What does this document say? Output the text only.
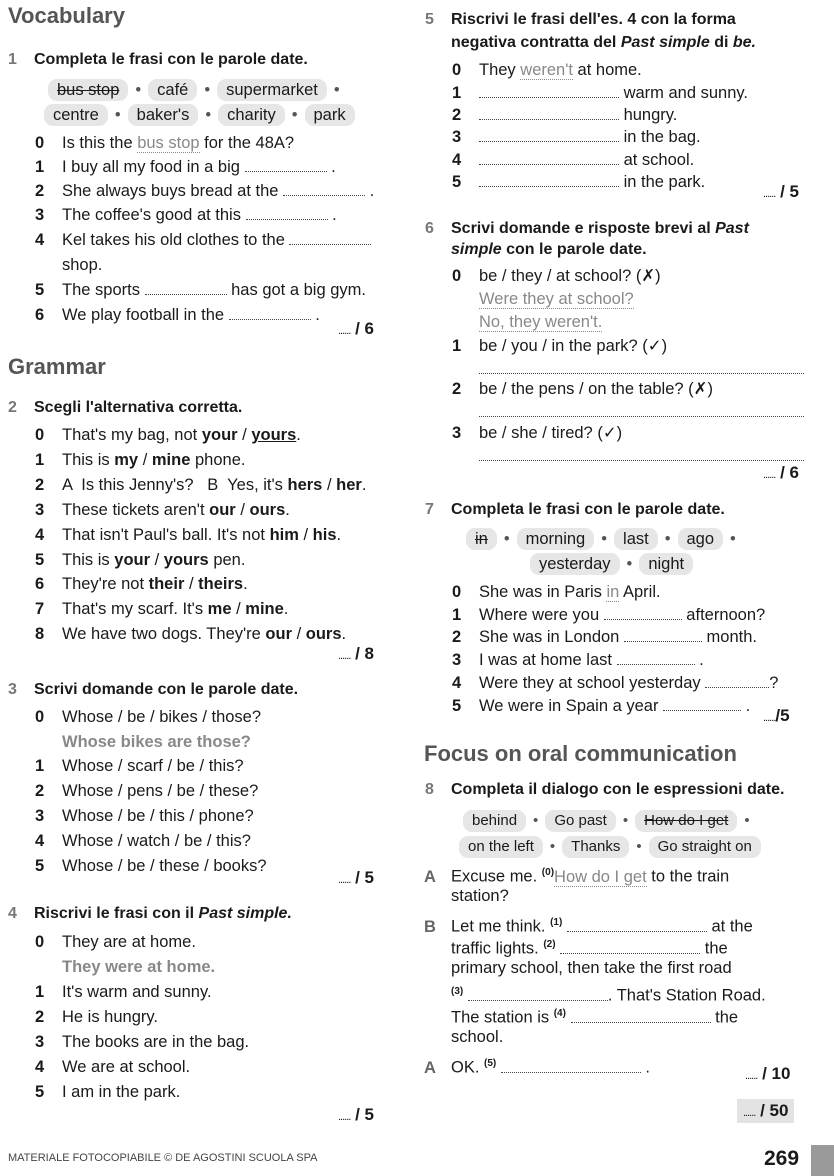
Vocabulary
1 Completa le frasi con le parole date.
bus stop • café • supermarket •
centre • baker's • charity • park
0 Is this the bus stop for the 48A?
1 I buy all my food in a big	.
2 She always buys bread at the	.
3 The coffee's good at this	.
4 Kel takes his old clothes to the
shop.
5 The sports	has got a big gym.
6 We play football in the	.
...... / 6
Grammar
2 Scegli l'alternativa corretta.
0 That's my bag, not your / yours.
1 This is my / mine phone.
2 A  Is this Jenny's?   B  Yes, it's hers / her.
3 These tickets aren't our / ours.
4 That isn't Paul's ball. It's not him / his.
5 This is your / yours pen.
6 They're not their / theirs.
7 That's my scarf. It's me / mine.
8 We have two dogs. They're our / ours.
...... / 8
3 Scrivi domande con le parole date.
0 Whose / be / bikes / those?
Whose bikes are those?
1 Whose / scarf / be / this?
2 Whose / pens / be / these?
3 Whose / be / this / phone?
4 Whose / watch / be / this?
5 Whose / be / these / books?
...... / 5
4 Riscrivi le frasi con il Past simple.
0 They are at home.
They were at home.
1 It's warm and sunny.
2 He is hungry.
3 The books are in the bag.
4 We are at school.
5 I am in the park.
...... / 5
MATERIALE FOTOCOPIABILE © DE AGOSTINI SCUOLA SPA
5 Riscrivi le frasi dell'es. 4 con la forma
negativa contratta del Past simple di be.
0 They weren't at home.
1	warm and sunny.
2	hungry.
3	in the bag.
4	at school.
5	in the park.
...... / 5
6 Scrivi domande e risposte brevi al Past
simple con le parole date.
0 be / they / at school? (✗)
Were they at school?
No, they weren't.
1 be / you / in the park? (✓)
2 be / the pens / on the table? (✗)
3 be / she / tired? (✓)
...... / 6
7 Completa le frasi con le parole date.
in • morning • last • ago •
yesterday • night
0 She was in Paris in April.
1 Where were you	afternoon?
2 She was in London	month.
3 I was at home last	.
4 Were they at school yesterday	?
5 We were in Spain a year	.
....../5
Focus on oral communication
8 Completa il dialogo con le espressioni date.
behind • Go past • How do I get •
on the left • Thanks • Go straight on
A Excuse me. $^{(0)}$How do I get to the train
station?
B Let me think. $^{(1)}$	at the
traffic lights. $^{(2)}$	the
primary school, then take the first road
$^{(3)}$	. That's Station Road.
The station is $^{(4)}$	the
school.
A OK. $^{(5)}$	.	...... / 10
...... / 50
269
